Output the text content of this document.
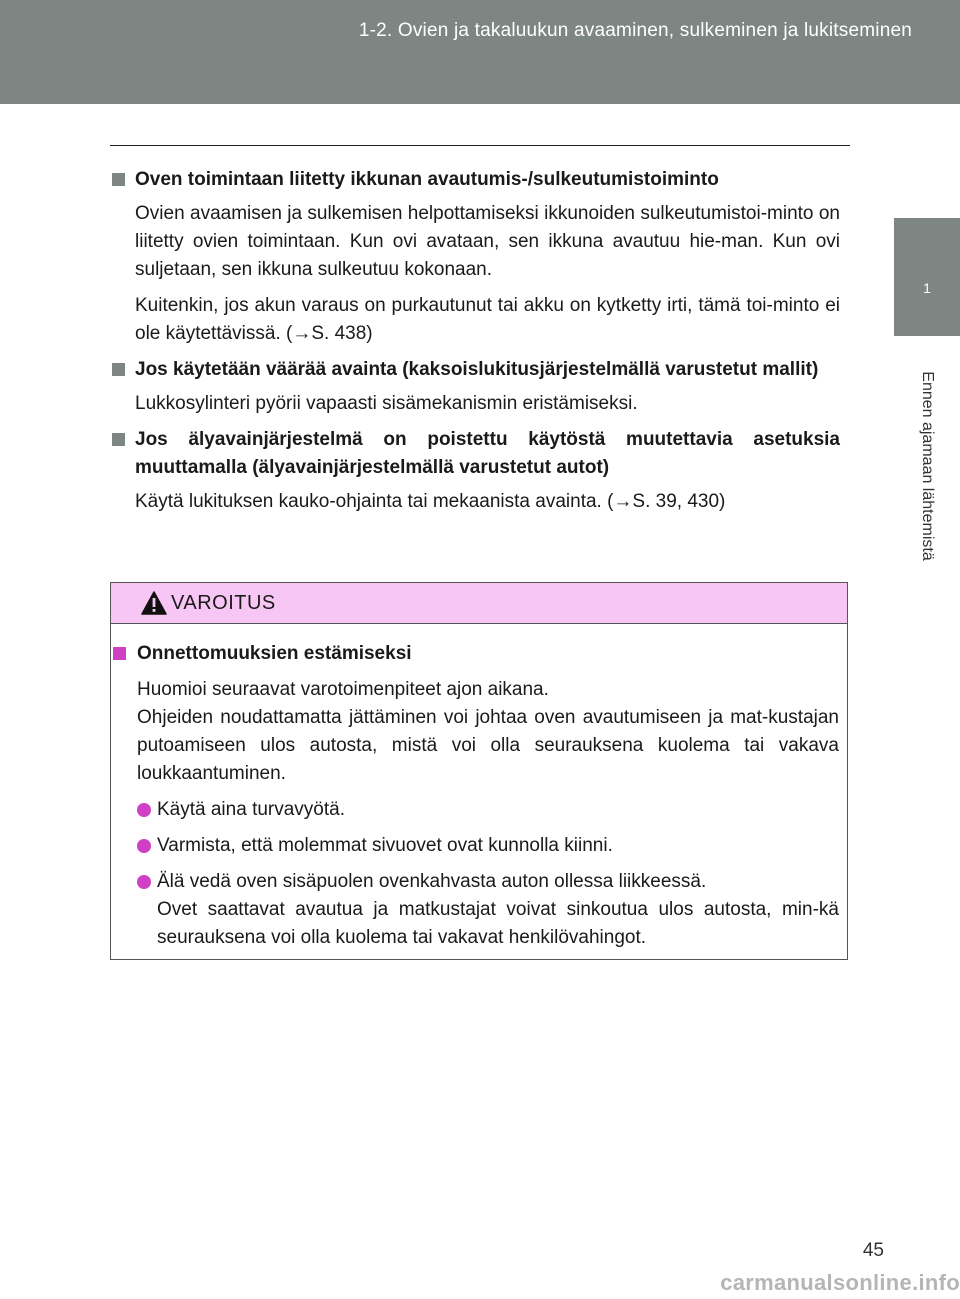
1-2. Ovien ja takaluukun avaaminen, sulkeminen ja lukitseminen
1
Ennen ajamaan lähtemistä
Oven toimintaan liitetty ikkunan avautumis-/sulkeutumistoiminto
Ovien avaamisen ja sulkemisen helpottamiseksi ikkunoiden sulkeutumistoi-minto on liitetty ovien toimintaan. Kun ovi avataan, sen ikkuna avautuu hie-man. Kun ovi suljetaan, sen ikkuna sulkeutuu kokonaan.
Kuitenkin, jos akun varaus on purkautunut tai akku on kytketty irti, tämä toi-minto ei ole käytettävissä. (→S. 438)
Jos käytetään väärää avainta (kaksoislukitusjärjestelmällä varustetut mallit)
Lukkosylinteri pyörii vapaasti sisämekanismin eristämiseksi.
Jos älyavainjärjestelmä on poistettu käytöstä muutettavia asetuksia muuttamalla (älyavainjärjestelmällä varustetut autot)
Käytä lukituksen kauko-ohjainta tai mekaanista avainta. (→S. 39, 430)
VAROITUS
Onnettomuuksien estämiseksi
Huomioi seuraavat varotoimenpiteet ajon aikana.
Ohjeiden noudattamatta jättäminen voi johtaa oven avautumiseen ja mat-kustajan putoamiseen ulos autosta, mistä voi olla seurauksena kuolema tai vakava loukkaantuminen.
Käytä aina turvavyötä.
Varmista, että molemmat sivuovet ovat kunnolla kiinni.
Älä vedä oven sisäpuolen ovenkahvasta auton ollessa liikkeessä.
Ovet saattavat avautua ja matkustajat voivat sinkoutua ulos autosta, min-kä seurauksena voi olla kuolema tai vakavat henkilövahingot.
45
carmanualsonline.info
